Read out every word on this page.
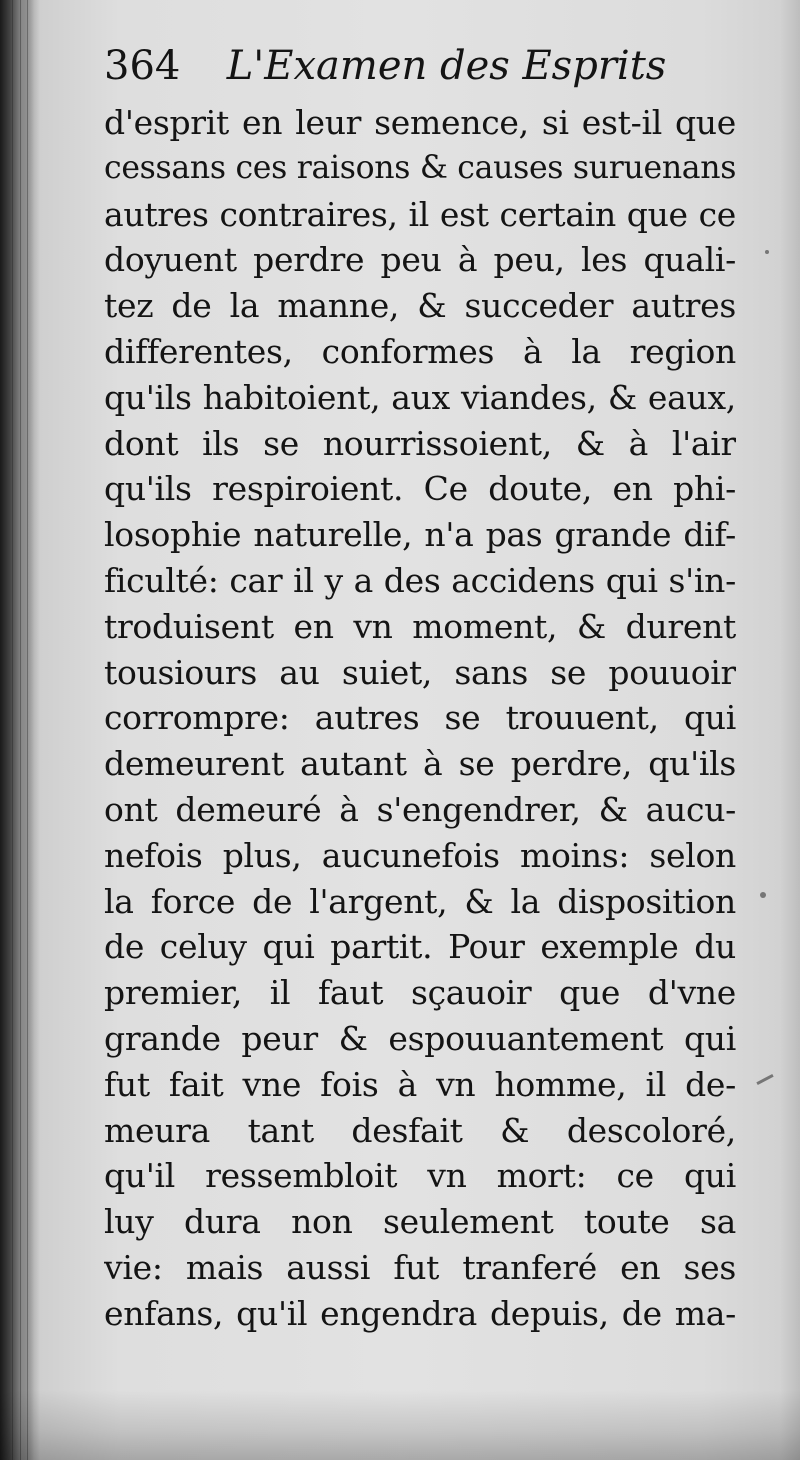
364 L'Examen des Esprits
d'esprit en leur semence, si est-il que
cessans ces raisons & causes suruenans
autres contraires, il est certain que ce
doyuent perdre peu à peu, les quali-
tez de la manne, & succeder autres
differentes, conformes à la region
qu'ils habitoient, aux viandes, & eaux,
dont ils se nourrissoient, & à l'air
qu'ils respiroient. Ce doute, en phi-
losophie naturelle, n'a pas grande dif-
ficulté: car il y a des accidens qui s'in-
troduisent en vn moment, & durent
tousiours au suiet, sans se pouuoir
corrompre: autres se trouuent, qui
demeurent autant à se perdre, qu'ils
ont demeuré à s'engendrer, & aucu-
nefois plus, aucunefois moins: selon
la force de l'argent, & la disposition
de celuy qui partit. Pour exemple du
premier, il faut sçauoir que d'vne
grande peur & espouuantement qui
fut fait vne fois à vn homme, il de-
meura tant desfait & descoloré,
qu'il ressembloit vn mort: ce qui
luy dura non seulement toute sa
vie: mais aussi fut tranferé en ses
enfans, qu'il engendra depuis, de ma-
